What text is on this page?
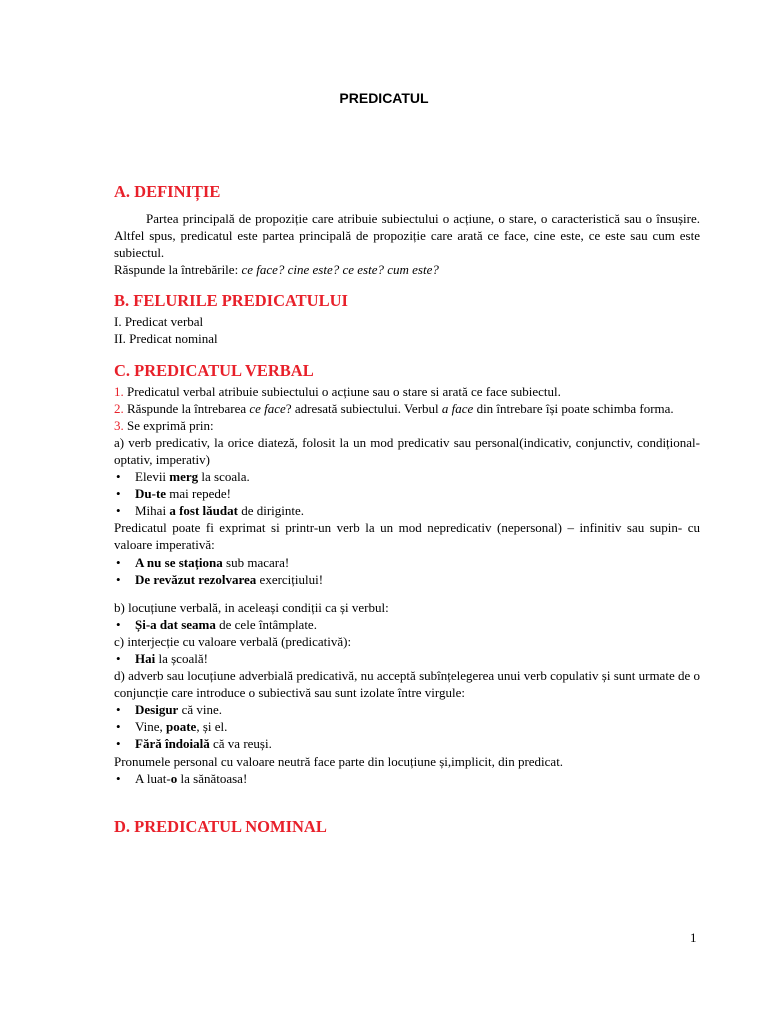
PREDICATUL
A. DEFINIȚIE

Partea principală de propoziție care atribuie subiectului o acțiune, o stare, o caracteristică sau o însușire. Altfel spus, predicatul este partea principală de propoziție care arată ce face, cine este, ce este sau cum este subiectul.

Răspunde la întrebările: ce face? cine este? ce este? cum este?

B. FELURILE PREDICATULUI

I. Predicat verbal

II. Predicat nominal

C. PREDICATUL VERBAL

1. Predicatul verbal atribuie subiectului o acțiune sau o stare si arată ce face subiectul.

2. Răspunde la întrebarea ce face? adresată subiectului. Verbul a face din întrebare își poate schimba forma.

3. Se exprimă prin:

a) verb predicativ, la orice diateză, folosit la un mod predicativ sau personal(indicativ, conjunctiv, condițional-optativ, imperativ)

• Elevii merg la scoala.
• Du-te mai repede!
• Mihai a fost lăudat de diriginte.

Predicatul poate fi exprimat si printr-un verb la un mod nepredicativ (nepersonal) – infinitiv sau supin- cu valoare imperativă:

• A nu se staționa sub macara!
• De revăzut rezolvarea exercițiului!

b) locuțiune verbală, in aceleași condiții ca și verbul:

• Și-a dat seama de cele întâmplate.

c) interjecție cu valoare verbală (predicativă):

• Hai la școală!

d) adverb sau locuțiune adverbială predicativă, nu acceptă subînțelegerea unui verb copulativ și sunt urmate de o conjuncție care introduce o subiectivă sau sunt izolate între virgule:

• Desigur că vine.
• Vine, poate, și el.
• Fără îndoială că va reuși.

Pronumele personal cu valoare neutră face parte din locuțiune și,implicit, din predicat.

• A luat-o la sănătoasa!
D. PREDICATUL NOMINAL
1
